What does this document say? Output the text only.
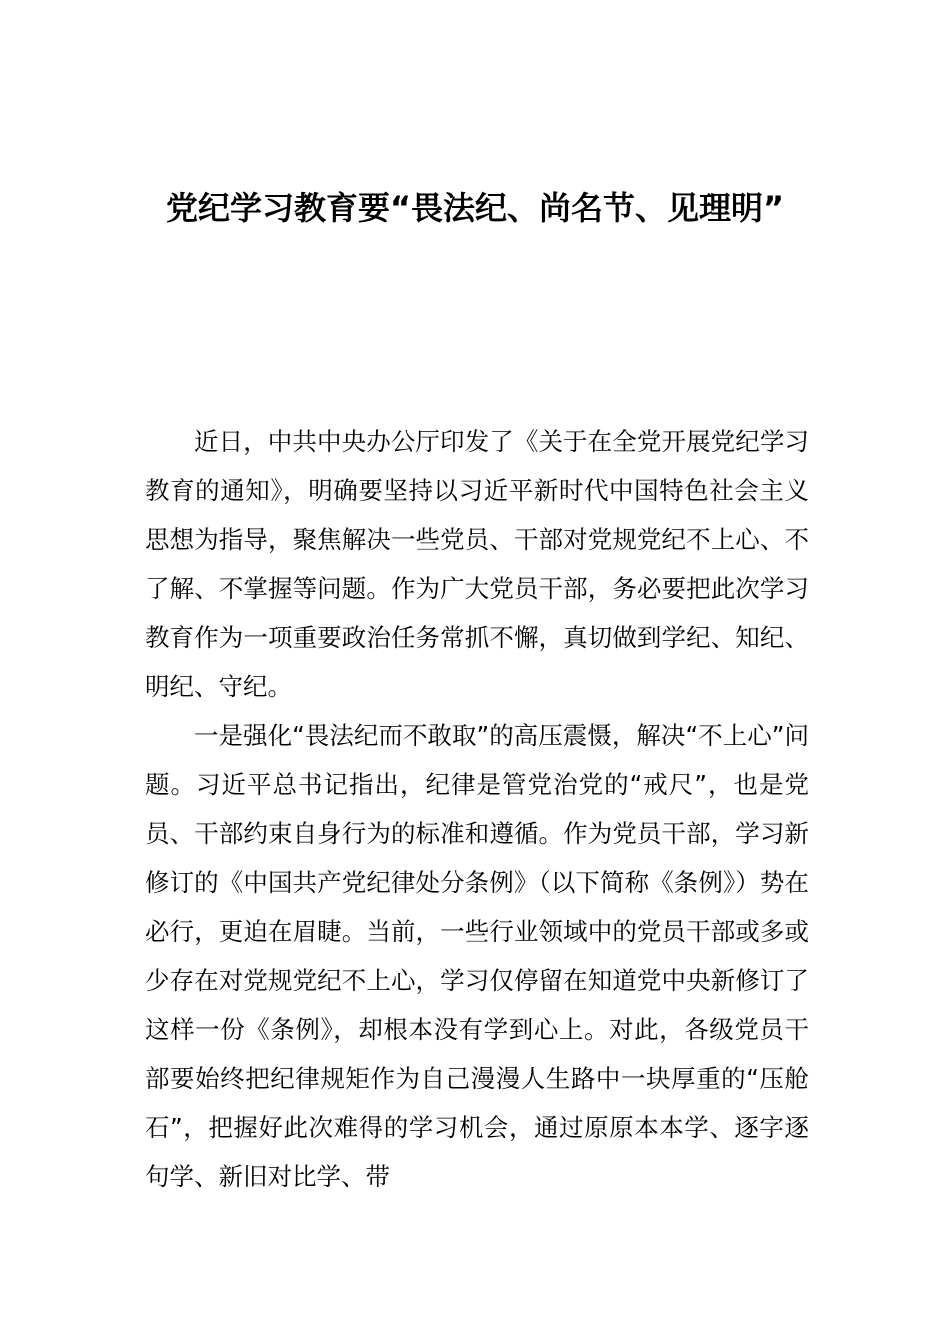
党纪学习教育要“畏法纪、尚名节、见理明”

近日，中共中央办公厅印发了《关于在全党开展党纪学习教育的通知》，明确要坚持以习近平新时代中国特色社会主义思想为指导，聚焦解决一些党员、干部对党规党纪不上心、不了解、不掌握等问题。作为广大党员干部，务必要把此次学习教育作为一项重要政治任务常抓不懈，真切做到学纪、知纪、明纪、守纪。

一是强化“畏法纪而不敢取”的高压震慑，解决“不上心”问题。习近平总书记指出，纪律是管党治党的“戒尺”，也是党员、干部约束自身行为的标准和遵循。作为党员干部，学习新修订的《中国共产党纪律处分条例》（以下简称《条例》）势在必行，更迫在眉睫。当前，一些行业领域中的党员干部或多或少存在对党规党纪不上心，学习仅停留在知道党中央新修订了这样一份《条例》，却根本没有学到心上。对此，各级党员干部要始终把纪律规矩作为自己漫漫人生路中一块厚重的“压舱石”，把握好此次难得的学习机会，通过原原本本学、逐字逐句学、新旧对比学、带
